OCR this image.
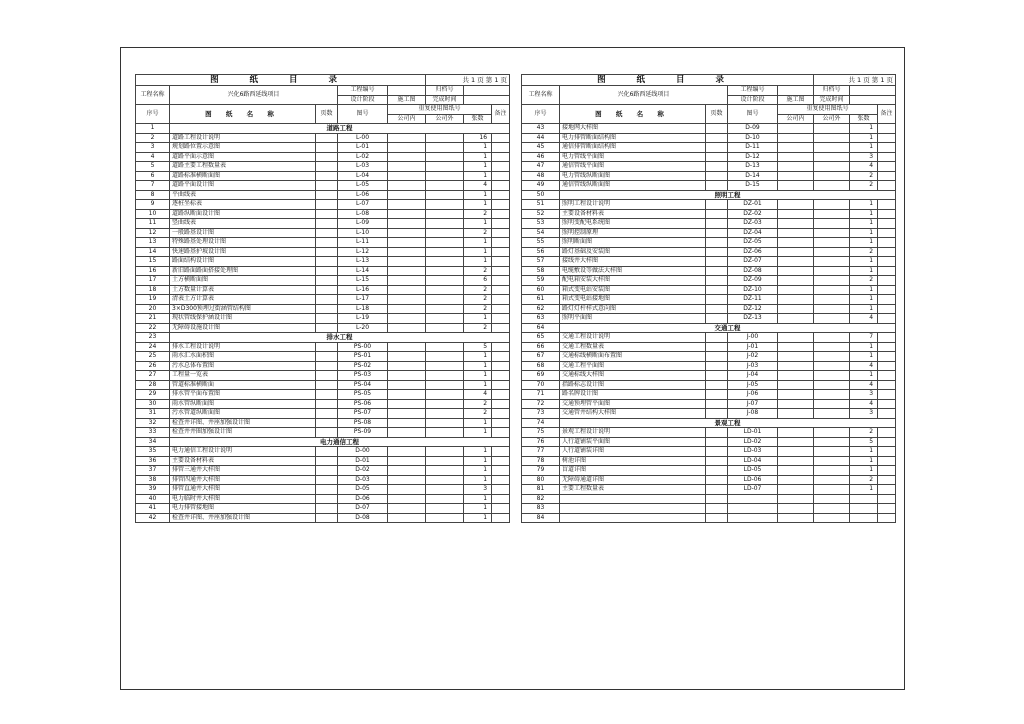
图 纸 目 录					共 1 页 第 1 页		
工程名称	兴化6路西延线项目		工程编号		归档号		
			设计阶段	施工图	完成时间		
序号	图 纸 名 称	页数	图号	重复使用图纸号			备注
				公司内	公司外	张数	
1	道路工程						
2	道路工程设计说明		L-00			16	
3	规划路位置示意图		L-01			1	
4	道路平面示意图		L-02			1	
5	道路主要工程数量表		L-03			1	
6	道路标准横断面图		L-04			1	
7	道路平面设计图		L-05			4	
8	平曲线表		L-06			1	
9	逐桩坐标表		L-07			1	
10	道路纵断面设计图		L-08			2	
11	竖曲线表		L-09			1	
12	一般路基设计图		L-10			2	
13	特殊路基处理设计图		L-11			1	
14	快速路基护坡设计图		L-12			1	
15	路面结构设计图		L-13			1	
16	新旧路面路面搭接处理图		L-14			2	
17	土方横断面图		L-15			6	
18	土方数量计算表		L-16			2	
19	清表土方计算表		L-17			2	
20	3×D300预埋过街涵管结构图		L-18			2	
21	现状管线保护涵设计图		L-19			1	
22	无障碍设施设计图		L-20			2	
23	排水工程						
24	排水工程设计说明		PS-00			5	
25	雨水汇水面积图		PS-01			1	
26	污水总体布置图		PS-02			1	
27	工程量一览表		PS-03			1	
28	管道标准横断面		PS-04			1	
29	排水管平面布置图		PS-05			4	
30	雨水管纵断面图		PS-06			2	
31	污水管道纵断面图		PS-07			2	
32	检查井详图、井座加强设计图		PS-08			1	
33	检查井井圈加强设计图		PS-09			1	
34	电力通信工程						
35	电力通信工程设计说明		D-00			1	
36	主要设备材料表		D-01			1	
37	排管三通井大样图		D-02			1	
38	排管四通井大样图		D-03			1	
39	排管直通井大样图		D-05			3	
40	电力临时井大样图		D-06			1	
41	电力排管接地图		D-07			1	
42	检查井详图、井座加强设计图		D-08			1	
图 纸 目 录					共 1 页 第 1 页		
工程名称	兴化6路西延线项目		工程编号		归档号		
			设计阶段	施工图	完成时间		
序号	图 纸 名 称	页数	图号	重复使用图纸号			备注
				公司内	公司外	张数	
43	接地网大样图		D-09			1	
44	电力排管断面结构图		D-10			1	
45	通信排管断面结构图		D-11			1	
46	电力管线平面图		D-12			3	
47	通信管线平面图		D-13			4	
48	电力管线纵断面图		D-14			2	
49	通信管线纵断面图		D-15			2	
50	照明工程						
51	照明工程设计说明		DZ-01			1	
52	主要设备材料表		DZ-02			1	
53	照明变配电系统图		DZ-03			1	
54	照明控制原理		DZ-04			1	
55	照明断面图		DZ-05			1	
56	路灯基础及安装图		DZ-06			2	
57	接线井大样图		DZ-07			1	
58	电缆敷设等做法大样图		DZ-08			1	
59	配电箱安装大样图		DZ-09			2	
60	箱式变电站安装图		DZ-10			1	
61	箱式变电站接地图		DZ-11			1	
62	路灯灯杆样式意向图		DZ-12			1	
63	照明平面图		DZ-13			4	
64	交通工程						
65	交通工程设计说明		J-00			7	
66	交通工程数量表		J-01			1	
67	交通标线横断面布置图		J-02			1	
68	交通工程平面图		J-03			4	
69	交通标线大样图		J-04			1	
70	指路标志设计图		J-05			4	
71	路名牌设计图		J-06			3	
72	交通预埋管平面图		J-07			4	
73	交通管井结构大样图		J-08			3	
74	景观工程						
75	景观工程设计说明		LD-01			2	
76	人行道铺装平面图		LD-02			5	
77	人行道铺装详图		LD-03			1	
78	树池详图		LD-04			1	
79	盲道详图		LD-05			1	
80	无障碍通道详图		LD-06			2	
81	主要工程数量表		LD-07			1	
82							
83							
84							
